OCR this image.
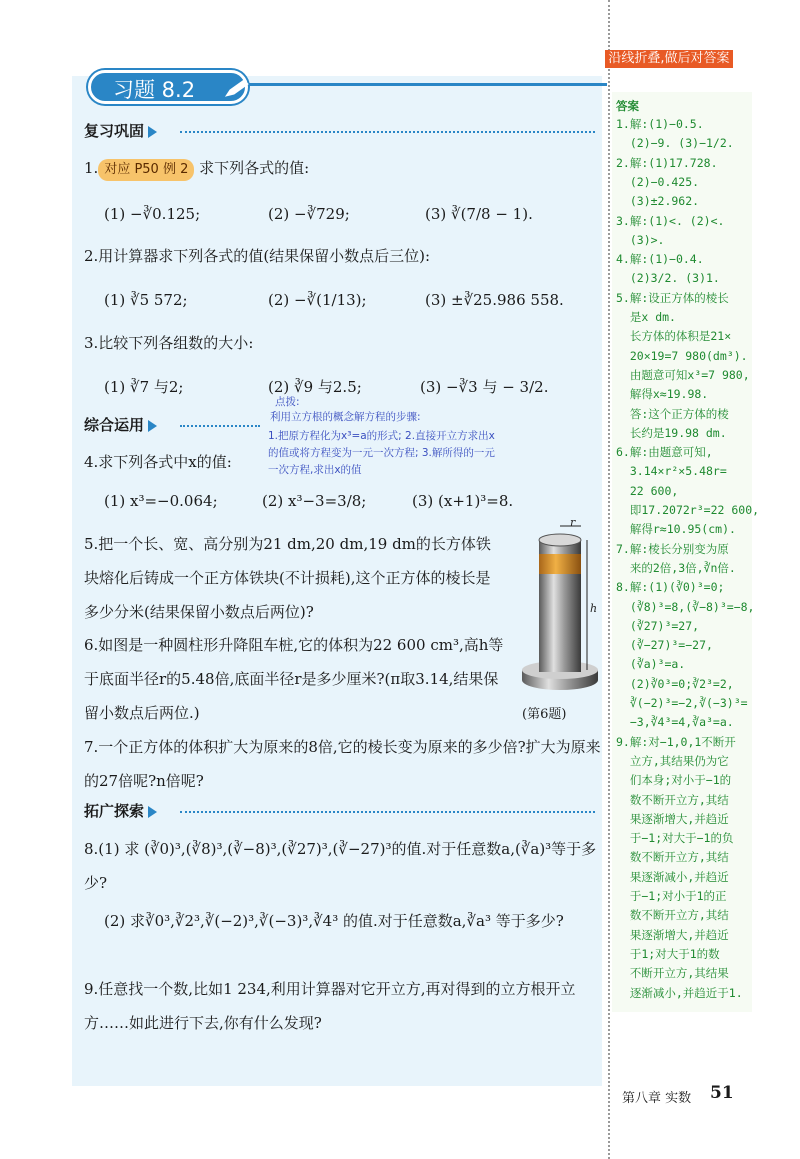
习题 8.2
沿线折叠,做后对答案
复习巩固
1. 对应 P50 例 2 求下列各式的值:
(1) −∛0.125;	(2) −∛729;	(3) ∛(7/8 − 1).
2.用计算器求下列各式的值(结果保留小数点后三位):
(1) ∛5 572;	(2) −∛(1/13);	(3) ±∛25.986 558.
3.比较下列各组数的大小:
(1) ∛7 与2;	(2) ∛9 与2.5;	(3) −∛3 与 − 3/2.
点拨:
利用立方根的概念解方程的步骤:
1.把原方程化为x³=a的形式; 2.直接开立方求出x
的值或将方程变为一元一次方程; 3.解所得的一元
一次方程,求出x的值
综合运用
4.求下列各式中x的值:
(1) x³=−0.064;	(2) x³−3=3/8;	(3) (x+1)³=8.
5.把一个长、宽、高分别为21 dm,20 dm,19 dm的长方体铁块熔化后铸成一个正方体铁块(不计损耗),这个正方体的棱长是多少分米(结果保留小数点后两位)?
6.如图是一种圆柱形升降阻车桩,它的体积为22 600 cm³,高h等于底面半径r的5.48倍,底面半径r是多少厘米?(π取3.14,结果保留小数点后两位.)
r
h
(第6题)
7.一个正方体的体积扩大为原来的8倍,它的棱长变为原来的多少倍?扩大为原来的27倍呢?n倍呢?
拓广探索
8.(1) 求 (∛0)³,(∛8)³,(∛−8)³,(∛27)³,(∛−27)³的值.对于任意数a,(∛a)³等于多少?
(2) 求∛0³,∛2³,∛(−2)³,∛(−3)³,∛4³ 的值.对于任意数a,∛a³ 等于多少?
9.任意找一个数,比如1 234,利用计算器对它开立方,再对得到的立方根开立方……如此进行下去,你有什么发现?
答案
1.解:(1)−0.5.
(2)−9. (3)−1/2.
2.解:(1)17.728.
(2)−0.425.
(3)±2.962.
3.解:(1)<. (2)<.
(3)>.
4.解:(1)−0.4.
(2)3/2. (3)1.
5.解:设正方体的棱长
是x dm.
长方体的体积是21×
20×19=7 980(dm³).
由题意可知x³=7 980,
解得x≈19.98.
答:这个正方体的棱
长约是19.98 dm.
6.解:由题意可知,
3.14×r²×5.48r=
22 600,
即17.2072r³=22 600,
解得r≈10.95(cm).
7.解:棱长分别变为原
来的2倍,3倍,∛n倍.
8.解:(1)(∛0)³=0;
(∛8)³=8,(∛−8)³=−8,
(∛27)³=27,
(∛−27)³=−27,
(∛a)³=a.
(2)∛0³=0;∛2³=2,
∛(−2)³=−2,∛(−3)³=
−3,∛4³=4,∛a³=a.
9.解:对−1,0,1不断开
立方,其结果仍为它
们本身;对小于−1的
数不断开立方,其结
果逐渐增大,并趋近
于−1;对大于−1的负
数不断开立方,其结
果逐渐减小,并趋近
于−1;对小于1的正
数不断开立方,其结
果逐渐增大,并趋近
于1;对大于1的数
不断开立方,其结果
逐渐减小,并趋近于1.
第八章 实数 51
